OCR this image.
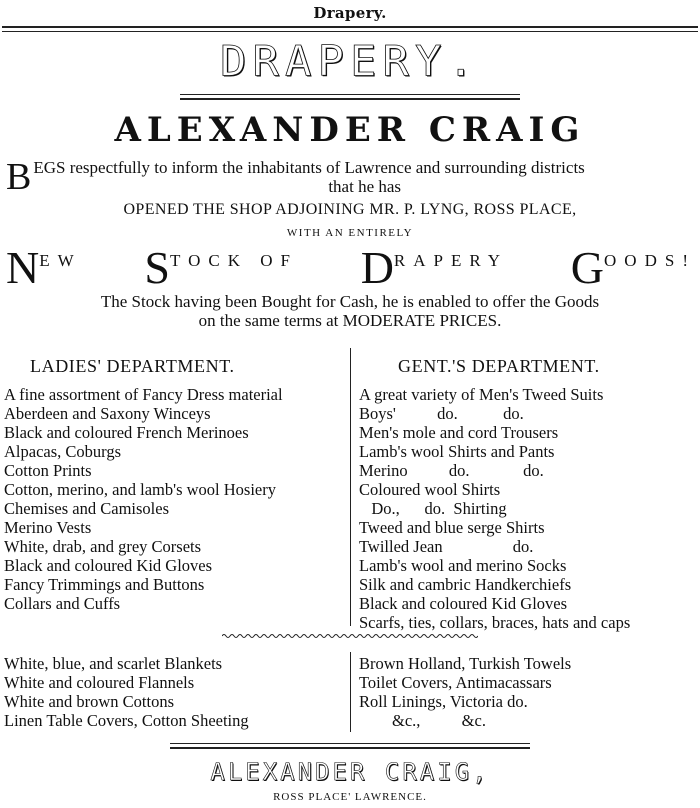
Drapery.
DRAPERY.
ALEXANDER CRAIG
B EGS respectfully to inform the inhabitants of Lawrence and surrounding districts
that he has
OPENED THE SHOP ADJOINING MR. P. LYNG, ROSS PLACE,
WITH AN ENTIRELY
NEW STOCK OF DRAPERY GOODS!
The Stock having been Bought for Cash, he is enabled to offer the Goods
on the same terms at MODERATE PRICES.
LADIES' DEPARTMENT.	GENT.'S DEPARTMENT.
A fine assortment of Fancy Dress material
Aberdeen and Saxony Winceys
Black and coloured French Merinoes
Alpacas, Coburgs
Cotton Prints
Cotton, merino, and lamb's wool Hosiery
Chemises and Camisoles
Merino Vests
White, drab, and grey Corsets
Black and coloured Kid Gloves
Fancy Trimmings and Buttons
Collars and Cuffs
A great variety of Men's Tweed Suits
Boys'          do.           do.
Men's mole and cord Trousers
Lamb's wool Shirts and Pants
Merino          do.             do.
Coloured wool Shirts
Do.,      do.  Shirting
Tweed and blue serge Shirts
Twilled Jean                 do.
Lamb's wool and merino Socks
Silk and cambric Handkerchiefs
Black and coloured Kid Gloves
Scarfs, ties, collars, braces, hats and caps
White, blue, and scarlet Blankets
White and coloured Flannels
White and brown Cottons
Linen Table Covers, Cotton Sheeting
Brown Holland, Turkish Towels
Toilet Covers, Antimacassars
Roll Linings, Victoria do.
&c.,          &c.
ALEXANDER CRAIG,
ROSS PLACE' LAWRENCE.
